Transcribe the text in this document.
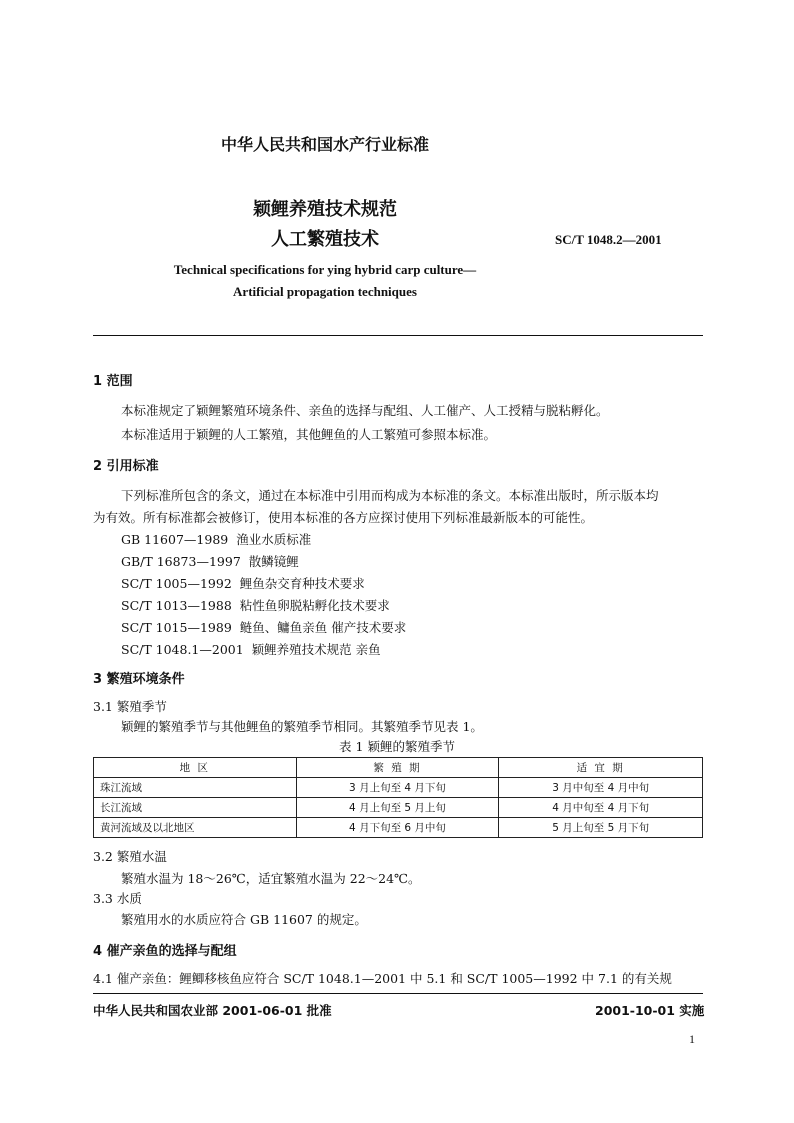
中华人民共和国水产行业标准
颖鲤养殖技术规范
人工繁殖技术	SC/T 1048.2—2001
Technical specifications for ying hybrid carp culture—
Artificial propagation techniques
1 范围
本标准规定了颖鲤繁殖环境条件、亲鱼的选择与配组、人工催产、人工授精与脱粘孵化。
本标准适用于颖鲤的人工繁殖，其他鲤鱼的人工繁殖可参照本标准。
2 引用标准
下列标准所包含的条文，通过在本标准中引用而构成为本标准的条文。本标准出版时，所示版本均
为有效。所有标准都会被修订，使用本标准的各方应探讨使用下列标准最新版本的可能性。
GB 11607—1989 渔业水质标准
GB/T 16873—1997 散鳞镜鲤
SC/T 1005—1992 鲤鱼杂交育种技术要求
SC/T 1013—1988 粘性鱼卵脱粘孵化技术要求
SC/T 1015—1989 鲢鱼、鳙鱼亲鱼 催产技术要求
SC/T 1048.1—2001 颖鲤养殖技术规范 亲鱼
3 繁殖环境条件
3.1 繁殖季节
颖鲤的繁殖季节与其他鲤鱼的繁殖季节相同。其繁殖季节见表 1。
表 1 颖鲤的繁殖季节
地 区	繁 殖 期	适 宜 期
珠江流域	3 月上旬至 4 月下旬	3 月中旬至 4 月中旬
长江流域	4 月上旬至 5 月上旬	4 月中旬至 4 月下旬
黄河流域及以北地区	4 月下旬至 6 月中旬	5 月上旬至 5 月下旬
3.2 繁殖水温
繁殖水温为 18～26℃，适宜繁殖水温为 22～24℃。
3.3 水质
繁殖用水的水质应符合 GB 11607 的规定。
4 催产亲鱼的选择与配组
4.1 催产亲鱼：鲤鲫移核鱼应符合 SC/T 1048.1—2001 中 5.1 和 SC/T 1005—1992 中 7.1 的有关规
中华人民共和国农业部 2001-06-01 批准	2001-10-01 实施
1
